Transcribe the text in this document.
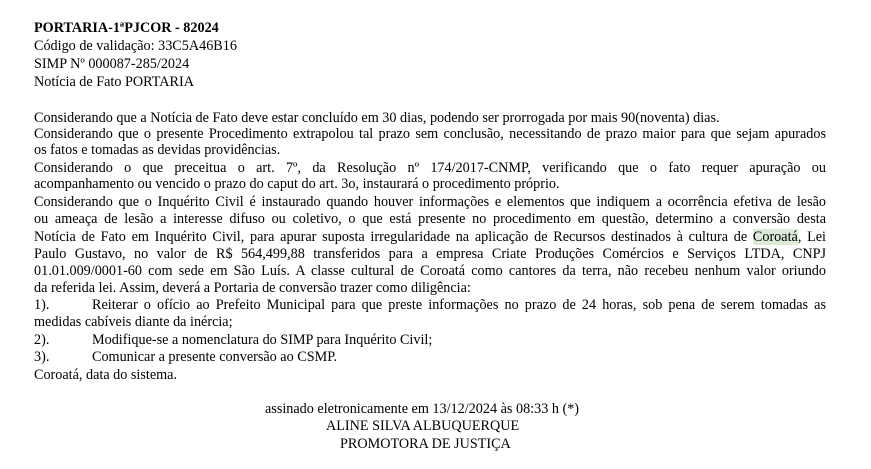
PORTARIA-1ªPJCOR - 82024
Código de validação: 33C5A46B16
SIMP Nº 000087-285/2024
Notícia de Fato PORTARIA
Considerando que a Notícia de Fato deve estar concluído em 30 dias, podendo ser prorrogada por mais 90(noventa) dias.
Considerando que o presente Procedimento extrapolou tal prazo sem conclusão, necessitando de prazo maior para que sejam apurados
os fatos e tomadas as devidas providências.
Considerando o que preceitua o art. 7º, da Resolução nº 174/2017-CNMP, verificando que o fato requer apuração ou
acompanhamento ou vencido o prazo do caput do art. 3o, instaurará o procedimento próprio.
Considerando que o Inquérito Civil é instaurado quando houver informações e elementos que indiquem a ocorrência efetiva de lesão
ou ameaça de lesão a interesse difuso ou coletivo, o que está presente no procedimento em questão, determino a conversão desta
Notícia de Fato em Inquérito Civil, para apurar suposta irregularidade na aplicação de Recursos destinados à cultura de Coroatá, Lei
Paulo Gustavo, no valor de R$ 564,499,88 transferidos para a empresa Criate Produções Comércios e Serviços LTDA, CNPJ
01.01.009/0001-60 com sede em São Luís. A classe cultural de Coroatá como cantores da terra, não recebeu nenhum valor oriundo
da referida lei. Assim, deverá a Portaria de conversão trazer como diligência:
1).	Reiterar o ofício ao Prefeito Municipal para que preste informações no prazo de 24 horas, sob pena de serem tomadas as
medidas cabíveis diante da inércia;
2).	Modifique-se a nomenclatura do SIMP para Inquérito Civil;
3).	Comunicar a presente conversão ao CSMP.
Coroatá, data do sistema.
assinado eletronicamente em 13/12/2024 às 08:33 h (*)
ALINE SILVA ALBUQUERQUE
PROMOTORA DE JUSTIÇA
